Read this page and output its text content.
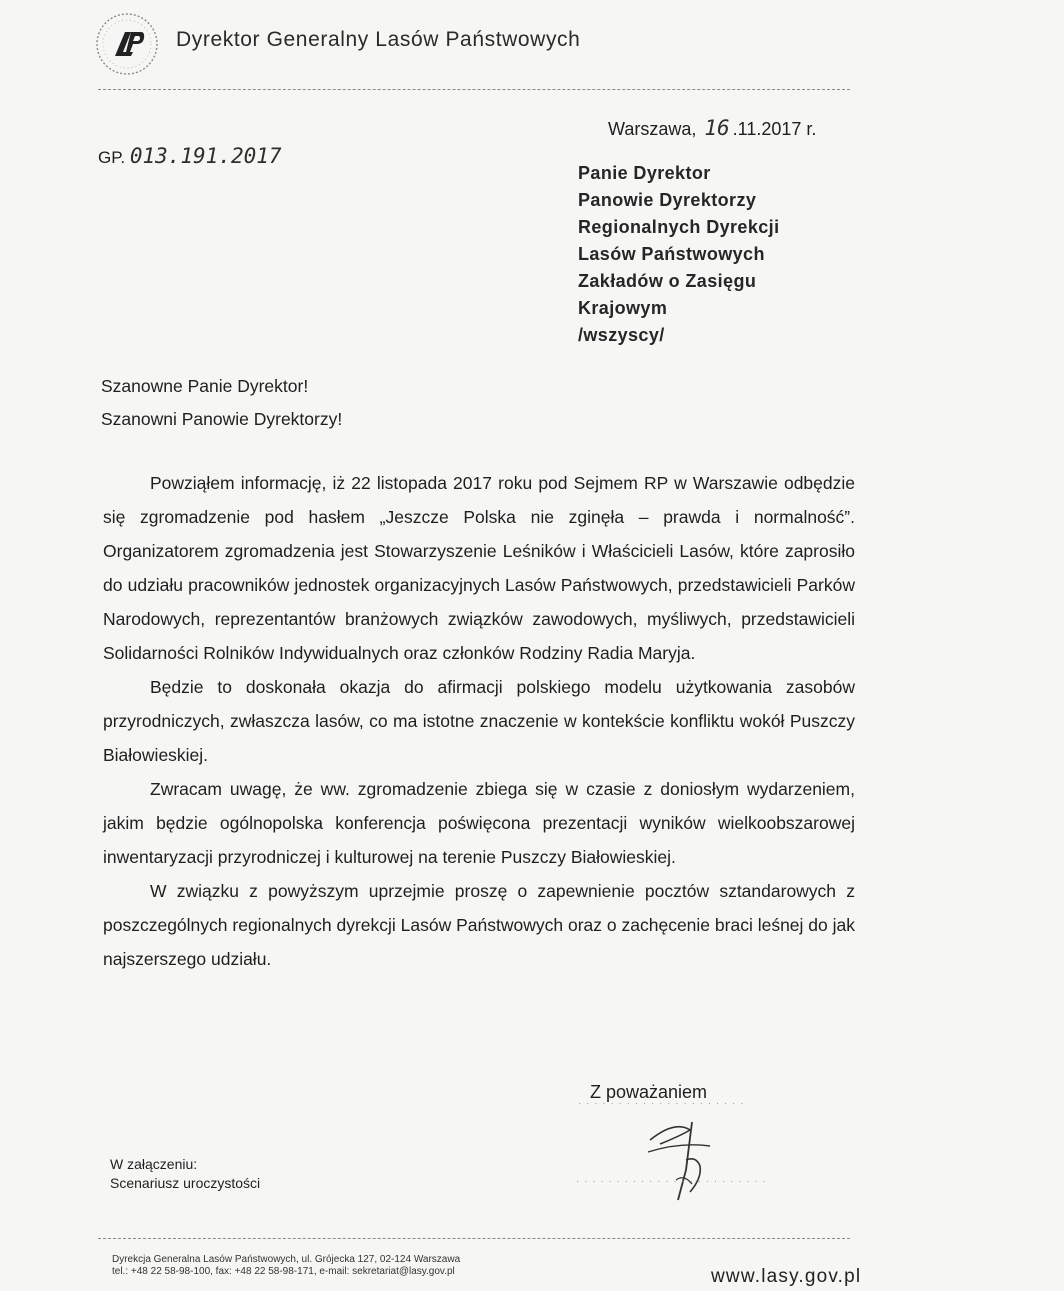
Dyrektor Generalny Lasów Państwowych
Warszawa, 16 .11.2017 r.
GP. 013.191.2017
Panie Dyrektor
Panowie Dyrektorzy
Regionalnych Dyrekcji
Lasów Państwowych
Zakładów o Zasięgu
Krajowym
/wszyscy/
Szanowne Panie Dyrektor!
Szanowni Panowie Dyrektorzy!

Powziąłem informację, iż 22 listopada 2017 roku pod Sejmem RP w Warszawie odbędzie się zgromadzenie pod hasłem „Jeszcze Polska nie zginęła – prawda i normalność”. Organizatorem zgromadzenia jest Stowarzyszenie Leśników i Właścicieli Lasów, które zaprosiło do udziału pracowników jednostek organizacyjnych Lasów Państwowych, przedstawicieli Parków Narodowych, reprezentantów branżowych związków zawodowych, myśliwych, przedstawicieli Solidarności Rolników Indywidualnych oraz członków Rodziny Radia Maryja.

Będzie to doskonała okazja do afirmacji polskiego modelu użytkowania zasobów przyrodniczych, zwłaszcza lasów, co ma istotne znaczenie w kontekście konfliktu wokół Puszczy Białowieskiej.

Zwracam uwagę, że ww. zgromadzenie zbiega się w czasie z doniosłym wydarzeniem, jakim będzie ogólnopolska konferencja poświęcona prezentacji wyników wielkoobszarowej inwentaryzacji przyrodniczej i kulturowej na terenie Puszczy Białowieskiej.

W związku z powyższym uprzejmie proszę o zapewnienie pocztów sztandarowych z poszczególnych regionalnych dyrekcji Lasów Państwowych oraz o zachęcenie braci leśnej do jak najszerszego udziału.

Z poważaniem
· · · · · · · · · · · · · · · · · · · · ·
· · · · · · · · · · · · · · · · · · · · · · · ·
W załączeniu:
Scenariusz uroczystości
Dyrekcja Generalna Lasów Państwowych, ul. Grójecka 127, 02-124 Warszawa
tel.: +48 22 58-98-100, fax: +48 22 58-98-171, e-mail: sekretariat@lasy.gov.pl	www.lasy.gov.pl
